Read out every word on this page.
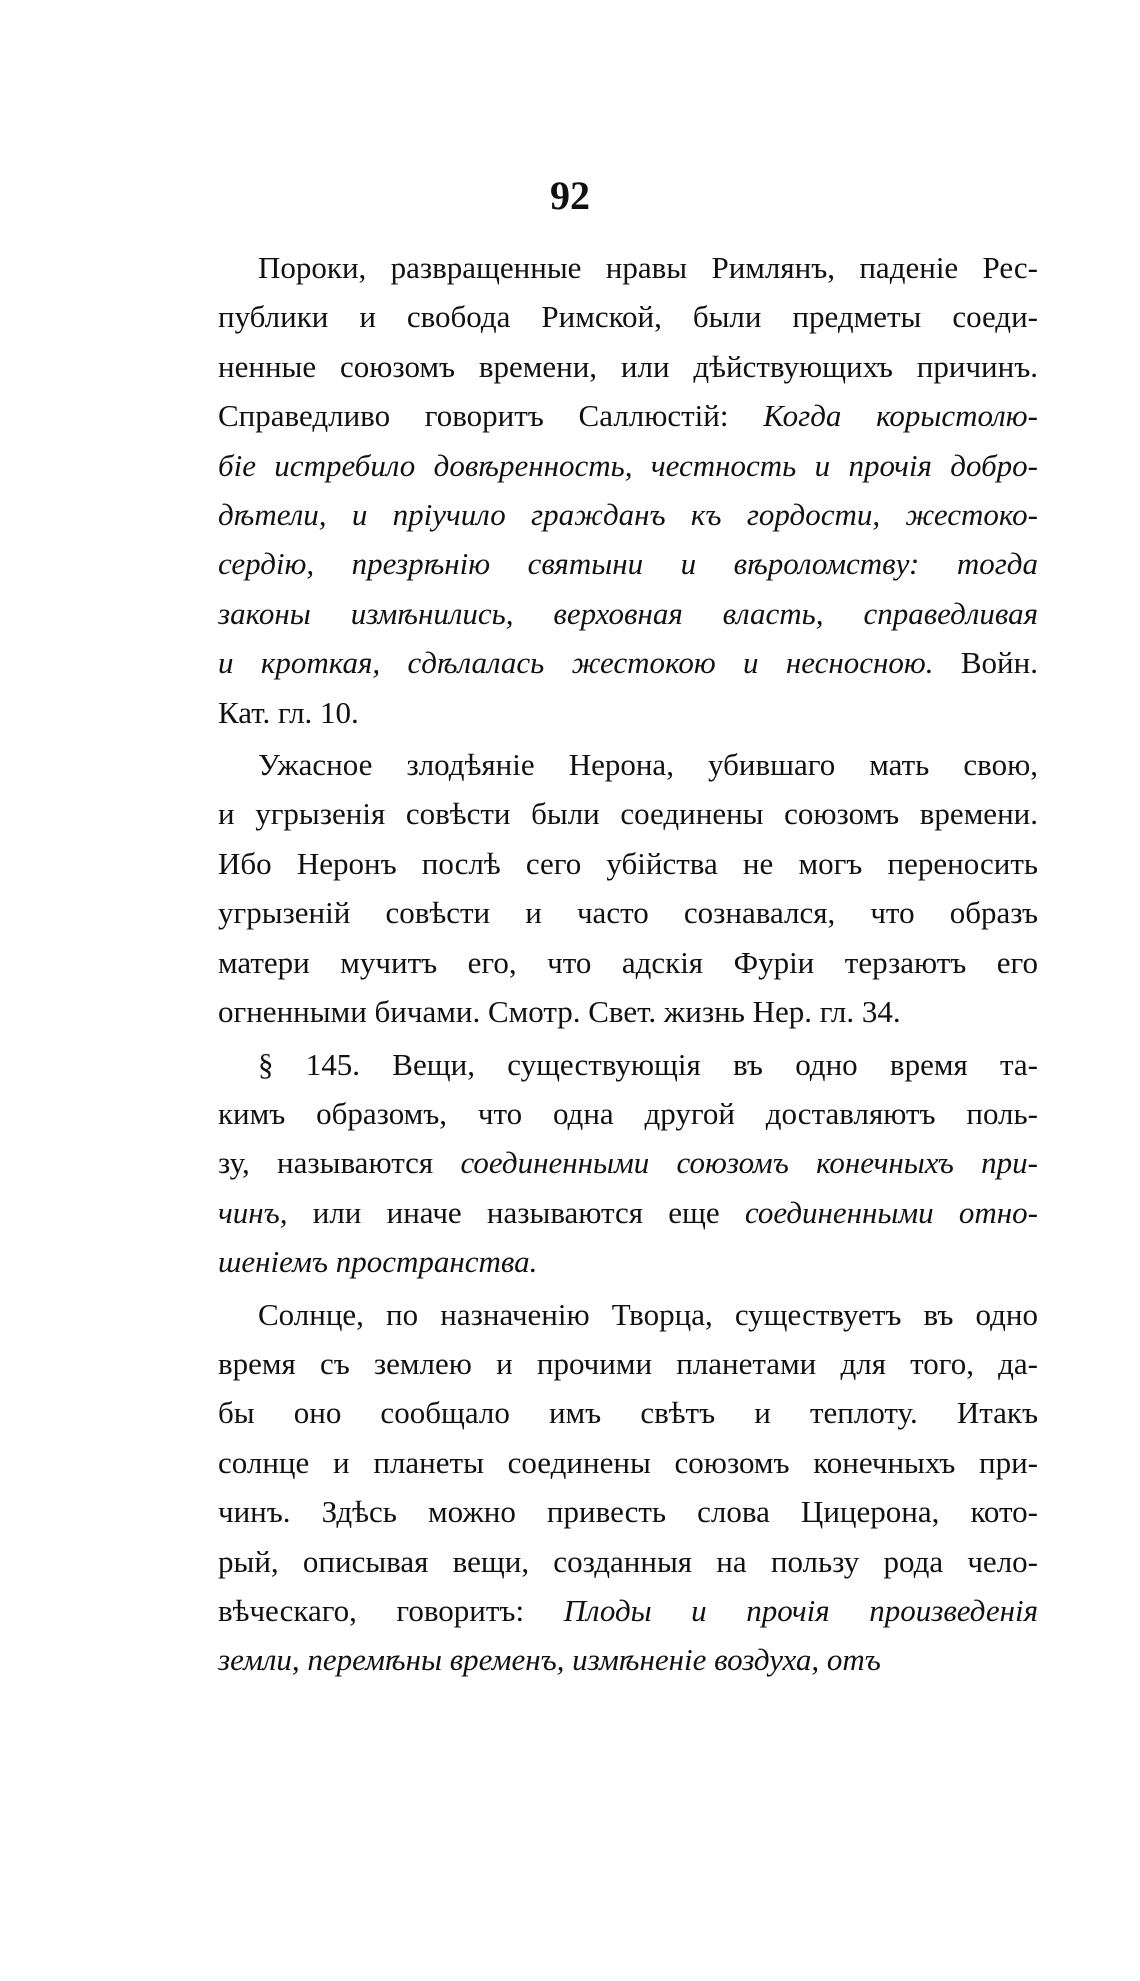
92
Пороки, развращенные нравы Римлянъ, паденіе Рес-
публики и свобода Римской, были предметы соеди-
ненные союзомъ времени, или дѣйствующихъ причинъ.
Справедливо говоритъ Саллюстій: Когда корыстолю-
біе истребило довѣренность, честность и прочія добро-
дѣтели, и пріучило гражданъ къ гордости, жестоко-
сердію, презрѣнію святыни и вѣроломству: тогда
законы измѣнились, верховная власть, справедливая
и кроткая, сдѣлалась жестокою и несносною. Войн.
Кат. гл. 10.
Ужасное злодѣяніе Нерона, убившаго мать свою,
и угрызенія совѣсти были соединены союзомъ времени.
Ибо Неронъ послѣ сего убійства не могъ переносить
угрызеній совѣсти и часто сознавался, что образъ
матери мучитъ его, что адскія Фуріи терзаютъ его
огненными бичами. Смотр. Свет. жизнь Нер. гл. 34.
§ 145. Вещи, существующія въ одно время та-
кимъ образомъ, что одна другой доставляютъ поль-
зу, называются соединенными союзомъ конечныхъ при-
чинъ, или иначе называются еще соединенными отно-
шеніемъ пространства.
Солнце, по назначенію Творца, существуетъ въ одно
время съ землею и прочими планетами для того, да-
бы оно сообщало имъ свѣтъ и теплоту. Итакъ
солнце и планеты соединены союзомъ конечныхъ при-
чинъ. Здѣсь можно привесть слова Цицерона, кото-
рый, описывая вещи, созданныя на пользу рода чело-
вѣческаго, говоритъ: Плоды и прочія произведенія
земли, перемѣны временъ, измѣненіе воздуха, отъ
